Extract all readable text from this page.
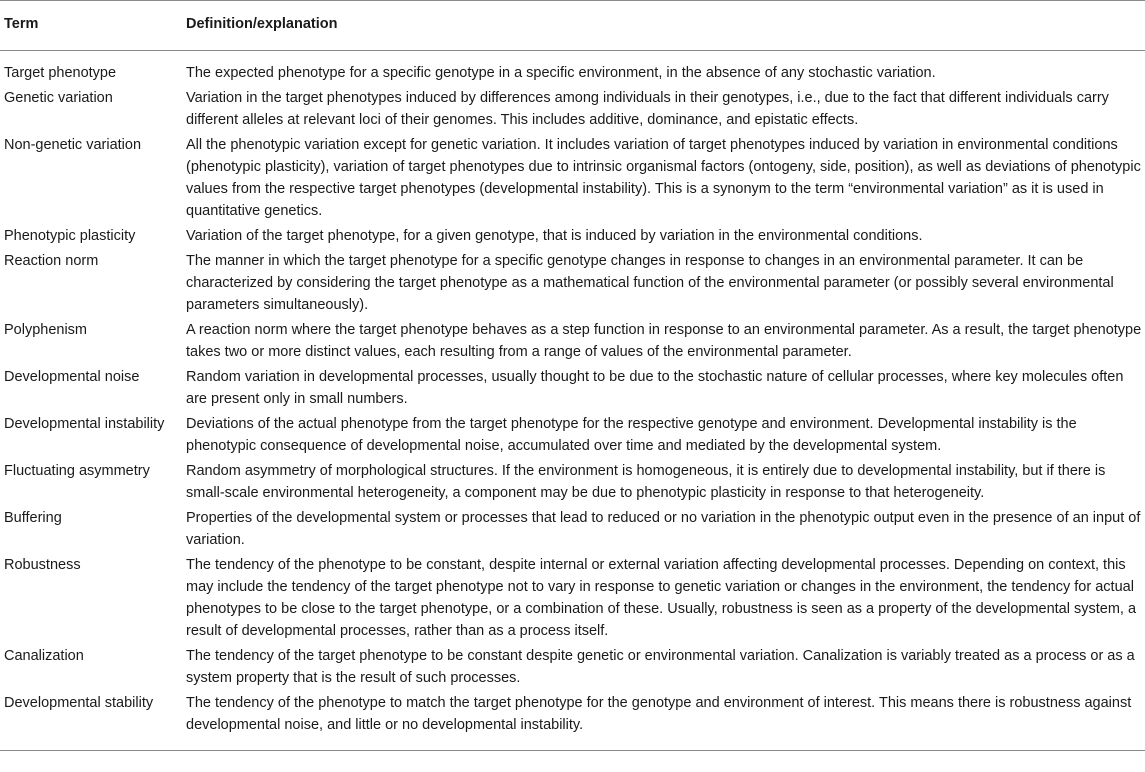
Term	Definition/explanation
Target phenotype	The expected phenotype for a specific genotype in a specific environment, in the absence of any stochastic variation.
Genetic variation	Variation in the target phenotypes induced by differences among individuals in their genotypes, i.e., due to the fact that different individuals carry different alleles at relevant loci of their genomes. This includes additive, dominance, and epistatic effects.
Non-genetic variation	All the phenotypic variation except for genetic variation. It includes variation of target phenotypes induced by variation in environmental conditions (phenotypic plasticity), variation of target phenotypes due to intrinsic organismal factors (ontogeny, side, position), as well as deviations of phenotypic values from the respective target phenotypes (developmental instability). This is a synonym to the term “environmental variation” as it is used in quantitative genetics.
Phenotypic plasticity	Variation of the target phenotype, for a given genotype, that is induced by variation in the environmental conditions.
Reaction norm	The manner in which the target phenotype for a specific genotype changes in response to changes in an environmental parameter. It can be characterized by considering the target phenotype as a mathematical function of the environmental parameter (or possibly several environmental parameters simultaneously).
Polyphenism	A reaction norm where the target phenotype behaves as a step function in response to an environmental parameter. As a result, the target phenotype takes two or more distinct values, each resulting from a range of values of the environmental parameter.
Developmental noise	Random variation in developmental processes, usually thought to be due to the stochastic nature of cellular processes, where key molecules often are present only in small numbers.
Developmental instability	Deviations of the actual phenotype from the target phenotype for the respective genotype and environment. Developmental instability is the phenotypic consequence of developmental noise, accumulated over time and mediated by the developmental system.
Fluctuating asymmetry	Random asymmetry of morphological structures. If the environment is homogeneous, it is entirely due to developmental instability, but if there is small-scale environmental heterogeneity, a component may be due to phenotypic plasticity in response to that heterogeneity.
Buffering	Properties of the developmental system or processes that lead to reduced or no variation in the phenotypic output even in the presence of an input of variation.
Robustness	The tendency of the phenotype to be constant, despite internal or external variation affecting developmental processes. Depending on context, this may include the tendency of the target phenotype not to vary in response to genetic variation or changes in the environment, the tendency for actual phenotypes to be close to the target phenotype, or a combination of these. Usually, robustness is seen as a property of the developmental system, a result of developmental processes, rather than as a process itself.
Canalization	The tendency of the target phenotype to be constant despite genetic or environmental variation. Canalization is variably treated as a process or as a system property that is the result of such processes.
Developmental stability	The tendency of the phenotype to match the target phenotype for the genotype and environment of interest. This means there is robustness against developmental noise, and little or no developmental instability.
